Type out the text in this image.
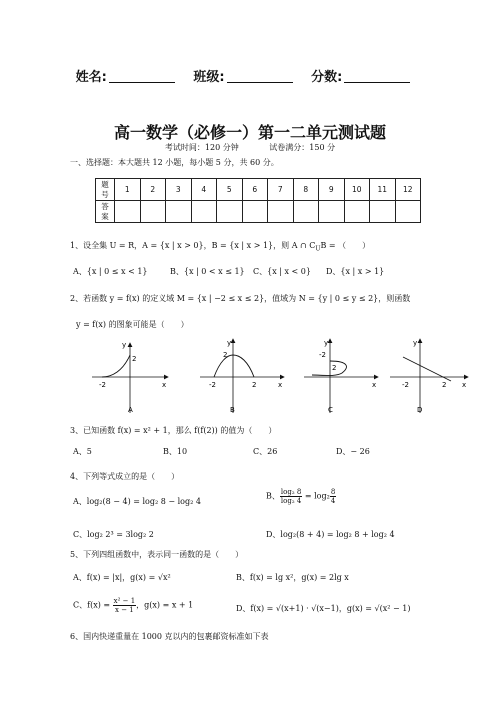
姓名:	班级:	分数:
高一数学（必修一）第一二单元测试题
考试时间：120 分钟	试卷满分：150 分
一、选择题：本大题共 12 小题，每小题 5 分，共 60 分。
题
号	1	2	3	4	5	6	7	8	9	10	11	12
答
案												
1、设全集 U = R，A = {x | x > 0}，B = {x | x > 1}，则 A ∩ $C_UB$ = （　　）
A、{x | 0 ≤ x < 1}	B、{x | 0 < x ≤ 1} C、{x | x < 0} D、{x | x > 1}
2、若函数 y = f(x) 的定义域 M = {x | −2 ≤ x ≤ 2}，值域为 N = {y | 0 ≤ y ≤ 2}，则函数
y = f(x) 的图象可能是（　　）
y
x
2
-2
A
y
x
2
-2	2
B
y
x
-2
2
C
y
x
-2	2
D
3、已知函数 f(x) = x² + 1，那么 f(f(2)) 的值为（　　）
A、5	B、10	C、26	D、− 26
4、下列等式成立的是（　　）
A、log₂(8 − 4) = log₂ 8 − log₂ 4
B、 $\frac{\text{log₂ 8}}{\text{log₂ 4}} = \log_2 \frac{8}{4}$
C、log₂ 2³ = 3log₂ 2	D、log₂(8 + 4) = log₂ 8 + log₂ 4
5、下列四组函数中，表示同一函数的是（　　）
A、f(x) = |x|，g(x) = √x²	B、f(x) = lg x²，g(x) = 2lg x
C、$f(x) = \frac{\text{x² − 1}}{x - 1}$ ，g(x) = x + 1	D、f(x) = √(x+1) · √(x−1)，g(x) = √(x² − 1)
6、国内快递重量在 1000 克以内的包裹邮资标准如下表
